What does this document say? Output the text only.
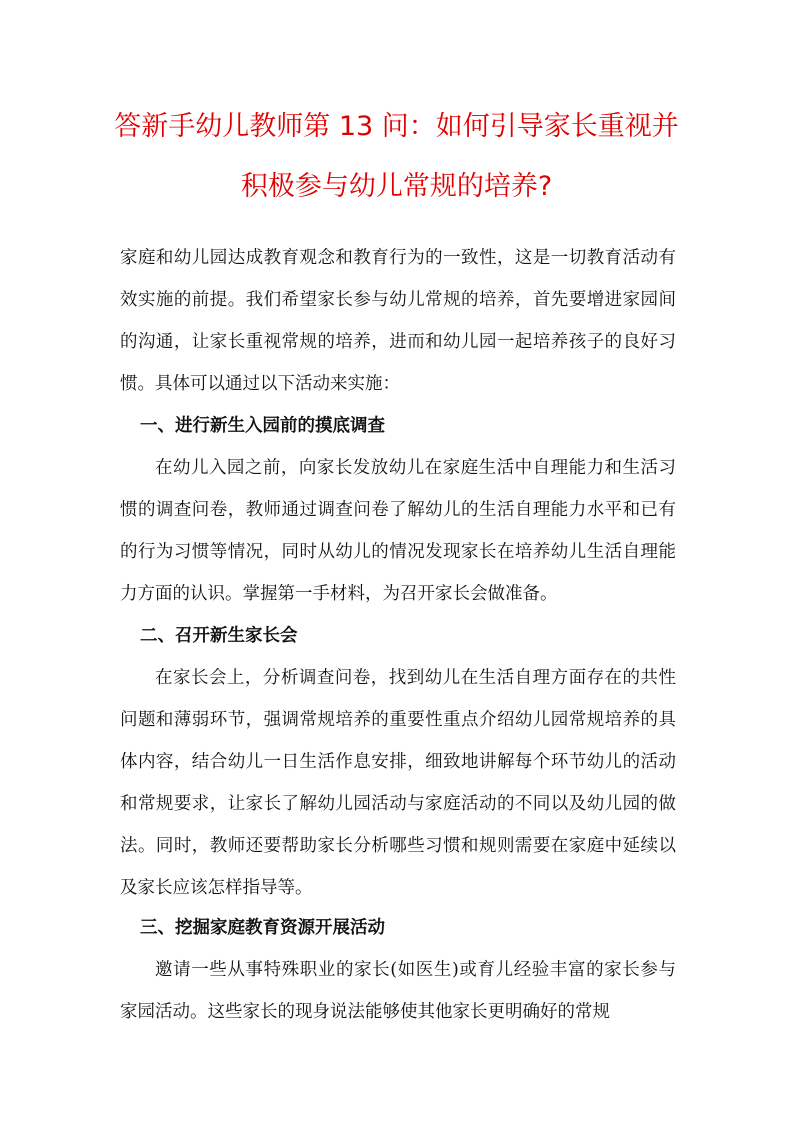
答新手幼儿教师第 13 问：如何引导家长重视并
积极参与幼儿常规的培养?
家庭和幼儿园达成教育观念和教育行为的一致性，这是一切教育活动有效实施的前提。我们希望家长参与幼儿常规的培养，首先要增进家园间的沟通，让家长重视常规的培养，进而和幼儿园一起培养孩子的良好习惯。具体可以通过以下活动来实施：
一、进行新生入园前的摸底调查
在幼儿入园之前，向家长发放幼儿在家庭生活中自理能力和生活习惯的调查问卷，教师通过调查问卷了解幼儿的生活自理能力水平和已有的行为习惯等情况，同时从幼儿的情况发现家长在培养幼儿生活自理能力方面的认识。掌握第一手材料，为召开家长会做准备。
二、召开新生家长会
在家长会上，分析调查问卷，找到幼儿在生活自理方面存在的共性问题和薄弱环节，强调常规培养的重要性重点介绍幼儿园常规培养的具体内容，结合幼儿一日生活作息安排，细致地讲解每个环节幼儿的活动和常规要求，让家长了解幼儿园活动与家庭活动的不同以及幼儿园的做法。同时，教师还要帮助家长分析哪些习惯和规则需要在家庭中延续以及家长应该怎样指导等。
三、挖掘家庭教育资源开展活动
邀请一些从事特殊职业的家长(如医生)或育儿经验丰富的家长参与家园活动。这些家长的现身说法能够使其他家长更明确好的常规
